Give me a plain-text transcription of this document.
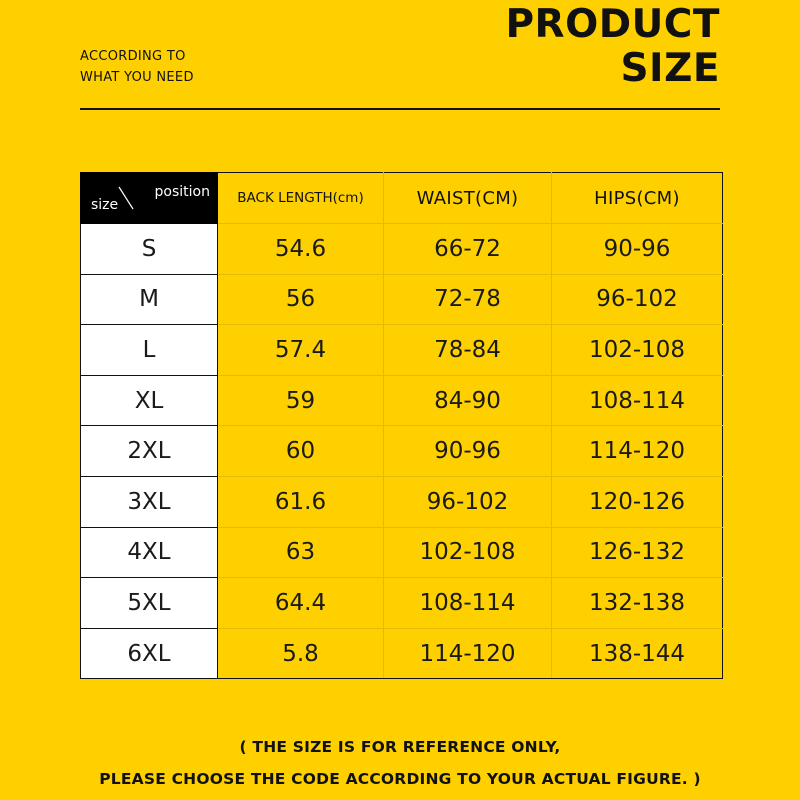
ACCORDING TO
WHAT YOU NEED
PRODUCT
SIZE
size
position	BACK LENGTH(cm)	WAIST(CM)	HIPS(CM)
S	54.6	66-72	90-96
M	56	72-78	96-102
L	57.4	78-84	102-108
XL	59	84-90	108-114
2XL	60	90-96	114-120
3XL	61.6	96-102	120-126
4XL	63	102-108	126-132
5XL	64.4	108-114	132-138
6XL	5.8	114-120	138-144
( THE SIZE IS FOR REFERENCE ONLY,
PLEASE CHOOSE THE CODE ACCORDING TO YOUR ACTUAL FIGURE. )
